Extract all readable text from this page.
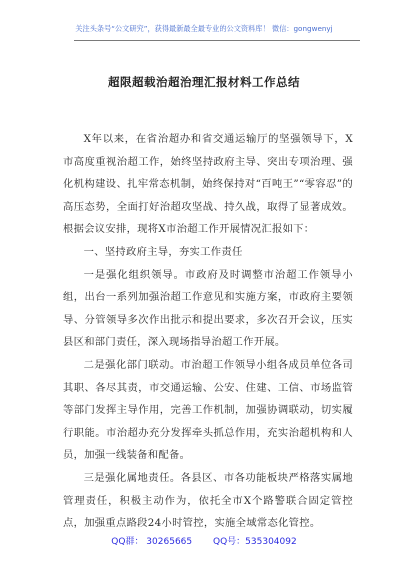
关注头条号“公文研究”，获得最新最全最专业的公文资料库！ 微信：gongwenyj
超限超载治超治理汇报材料工作总结

X年以来，在省治超办和省交通运输厅的坚强领导下，X市高度重视治超工作，始终坚持政府主导、突出专项治理、强化机构建设、扎牢常态机制，始终保持对“百吨王”“零容忍”的高压态势，全面打好治超攻坚战、持久战，取得了显著成效。根据会议安排，现将X市治超工作开展情况汇报如下：

一、坚持政府主导，夯实工作责任

一是强化组织领导。市政府及时调整市治超工作领导小组，出台一系列加强治超工作意见和实施方案，市政府主要领导、分管领导多次作出批示和提出要求，多次召开会议，压实县区和部门责任，深入现场指导治超工作开展。

二是强化部门联动。市治超工作领导小组各成员单位各司其职、各尽其责，市交通运输、公安、住建、工信、市场监管等部门发挥主导作用，完善工作机制，加强协调联动，切实履行职能。市治超办充分发挥牵头抓总作用，充实治超机构和人员，加强一线装备和配备。

三是强化属地责任。各县区、市各功能板块严格落实属地管理责任，积极主动作为，依托全市X个路警联合固定管控点，加强重点路段24小时管控，实施全域常态化管控。

QQ群： 30265665 QQ号：535304092
